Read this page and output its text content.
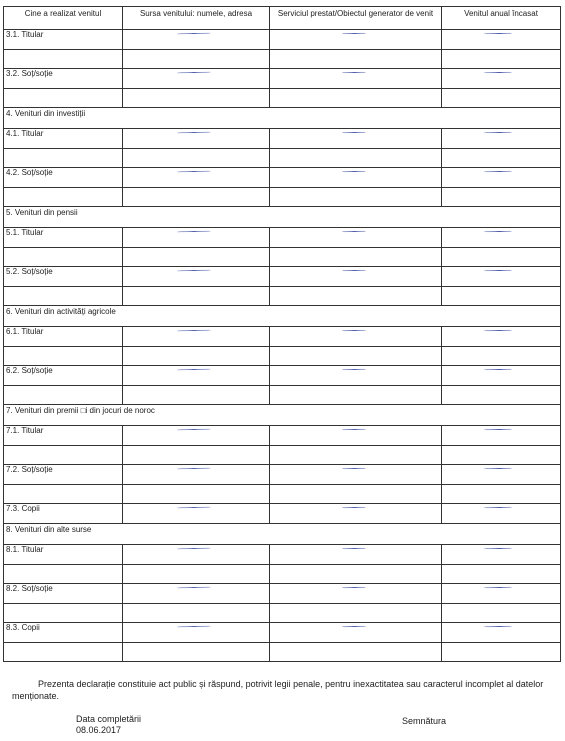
Cine a realizat venitul	Sursa venitului: numele, adresa	Serviciul prestat/Obiectul generator de venit	Venitul anual încasat
3.1. Titular	

3.2. Soț/soție	

4. Venituri din investiții			
4.1. Titular	

4.2. Soț/soție	

5. Venituri din pensii			
5.1. Titular	

5.2. Soț/soție	

6. Venituri din activități agricole			
6.1. Titular	

6.2. Soț/soție	

7. Venituri din premii □i din jocuri de noroc			
7.1. Titular	

7.2. Soț/soție	

7.3. Copii	

8. Venituri din alte surse			
8.1. Titular	

8.2. Soț/soție	

8.3. Copii	

Prezenta declarație constituie act public și răspund, potrivit legii penale, pentru inexactitatea sau caracterul incomplet al datelor menționate.
Data completării
08.06.2017
Semnătura
